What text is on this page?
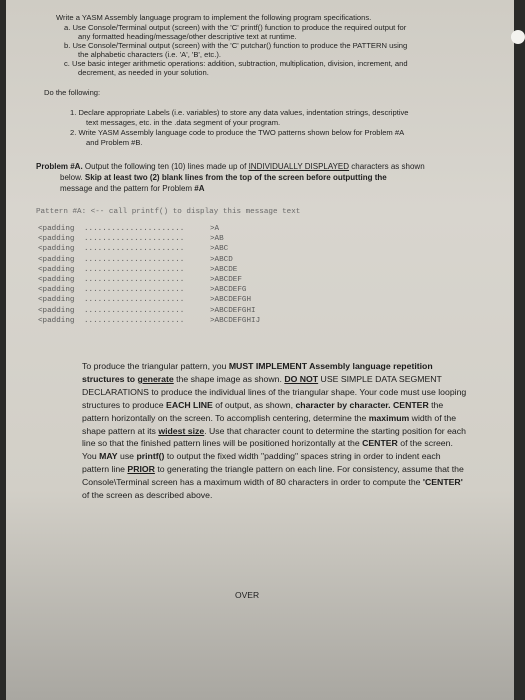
Write a YASM Assembly language program to implement the following program specifications.
a. Use Console/Terminal output (screen) with the 'C' printf() function to produce the required output for
any formatted heading/message/other descriptive text at runtime.
b. Use Console/Terminal output (screen) with the 'C' putchar() function to produce the PATTERN using
the alphabetic characters (i.e. 'A', 'B', etc.).
c. Use basic integer arithmetic operations: addition, subtraction, multiplication, division, increment, and
decrement, as needed in your solution.
Do the following:
1. Declare appropriate Labels (i.e. variables) to store any data values, indentation strings, descriptive
text messages, etc. in the .data segment of your program.
2. Write YASM Assembly language code to produce the TWO patterns shown below for Problem #A
and Problem #B.
Problem #A. Output the following ten (10) lines made up of INDIVIDUALLY DISPLAYED characters as shown
below. Skip at least two (2) blank lines from the top of the screen before outputting the
message and the pattern for Problem #A
Pattern #A: <-- call printf() to display this message text
<padding ......................	>A
<padding ......................	>AB
<padding ......................	>ABC
<padding ......................	>ABCD
<padding ......................	>ABCDE
<padding ......................	>ABCDEF
<padding ......................	>ABCDEFG
<padding ......................	>ABCDEFGH
<padding ......................	>ABCDEFGHI
<padding ......................	>ABCDEFGHIJ
To produce the triangular pattern, you MUST IMPLEMENT Assembly language repetition structures to generate the shape image as shown. DO NOT USE SIMPLE DATA SEGMENT DECLARATIONS to produce the individual lines of the triangular shape. Your code must use looping structures to produce EACH LINE of output, as shown, character by character. CENTER the pattern horizontally on the screen. To accomplish centering, determine the maximum width of the shape pattern at its widest size. Use that character count to determine the starting position for each line so that the finished pattern lines will be positioned horizontally at the CENTER of the screen. You MAY use printf() to output the fixed width "padding" spaces string in order to indent each pattern line PRIOR to generating the triangle pattern on each line. For consistency, assume that the Console\Terminal screen has a maximum width of 80 characters in order to compute the 'CENTER' of the screen as described above.
OVER
